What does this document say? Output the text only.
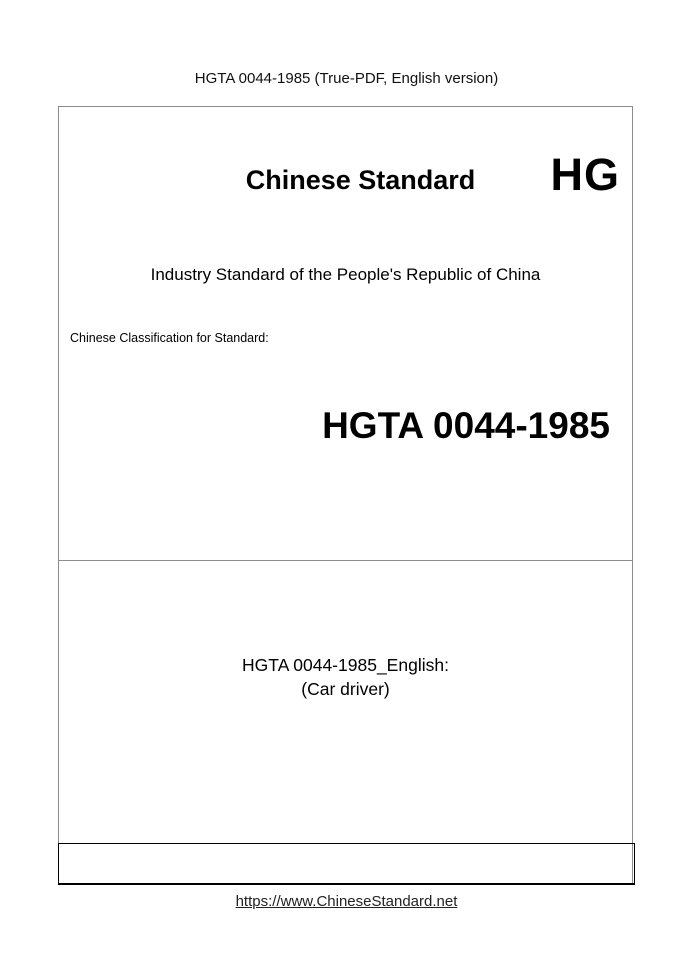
HGTA 0044-1985 (True-PDF, English version)
Chinese Standard	HG
Industry Standard of the People's Republic of China
Chinese Classification for Standard:
HGTA 0044-1985
HGTA 0044-1985_English:
(Car driver)
https://www.ChineseStandard.net
